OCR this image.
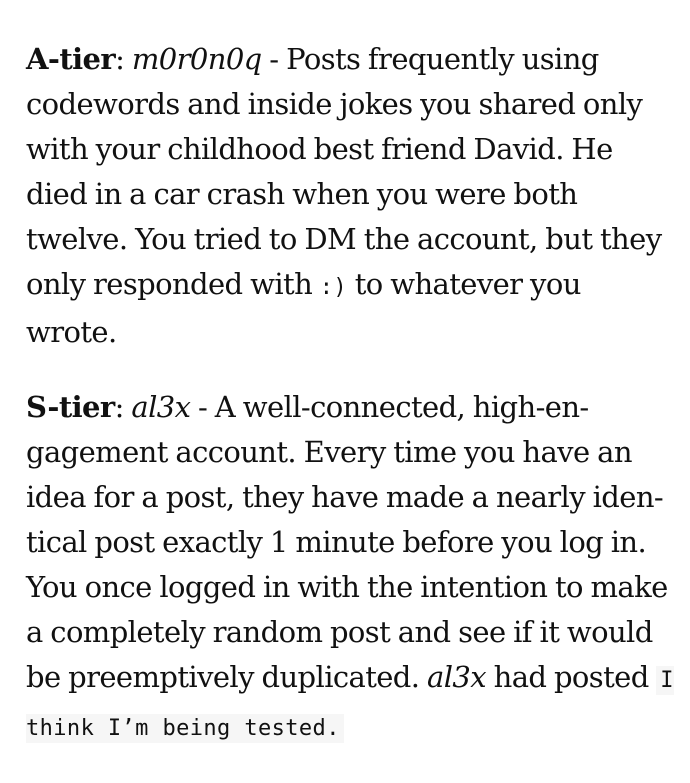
A-tier: m0r0n0q - Posts frequently using codewords and inside jokes you shared only with your childhood best friend David. He died in a car crash when you were both twelve. You tried to DM the account, but they only responded with :) to whatever you wrote.

S-tier: al3x - A well-connected, high-engagement account. Every time you have an idea for a post, they have made a nearly identical post exactly 1 minute before you log in. You once logged in with the intention to make a completely random post and see if it would be preemptively duplicated. al3x had posted I think I’m being tested.
